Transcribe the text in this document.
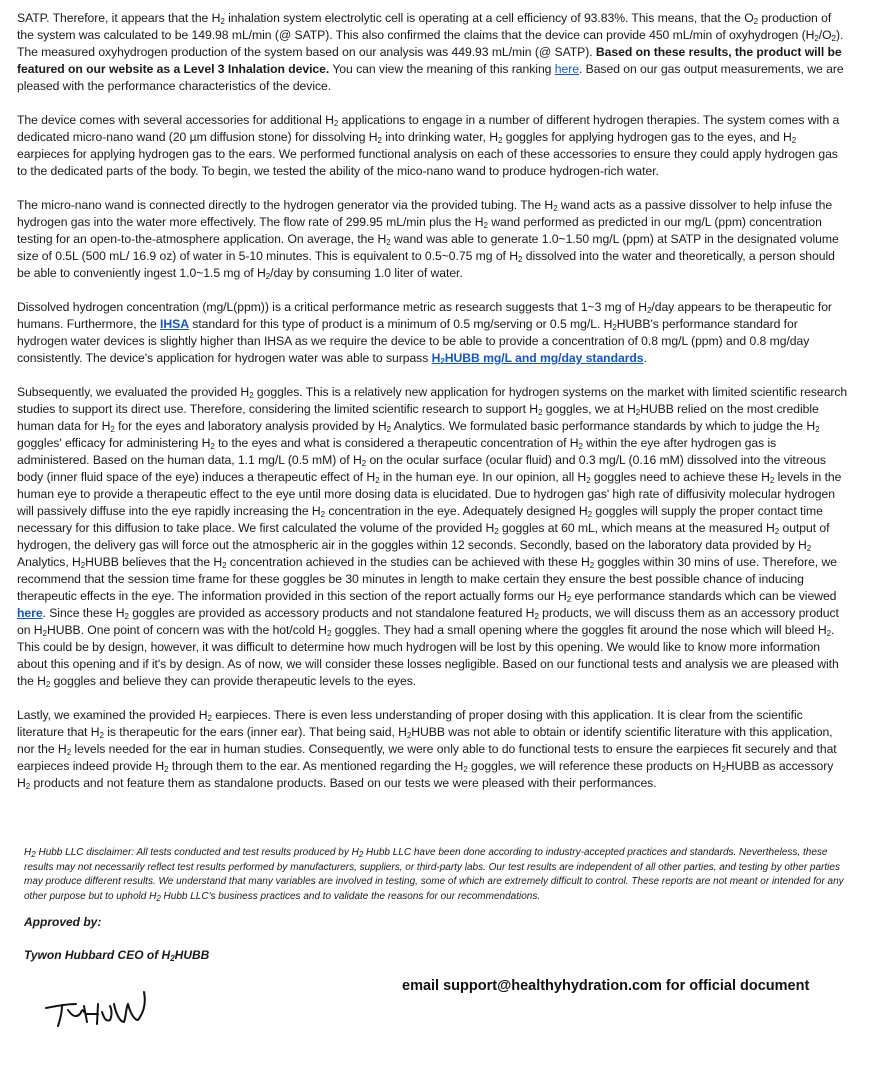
SATP. Therefore, it appears that the $H_2$ inhalation system electrolytic cell is operating at a cell efficiency of 93.83%. This means, that the $O_2$ production of the system was calculated to be 149.98 mL/min (@ SATP). This also confirmed the claims that the device can provide 450 mL/min of oxyhydrogen $(H_2/O_2)$. The measured oxyhydrogen production of the system based on our analysis was 449.93 mL/min (@ SATP). Based on these results, the product will be featured on our website as a Level 3 Inhalation device. You can view the meaning of this ranking here. Based on our gas output measurements, we are pleased with the performance characteristics of the device.

The device comes with several accessories for additional $H_2$ applications to engage in a number of different hydrogen therapies. The system comes with a dedicated micro-nano wand (20 µm diffusion stone) for dissolving $H_2$ into drinking water, $H_2$ goggles for applying hydrogen gas to the eyes, and $H_2$ earpieces for applying hydrogen gas to the ears. We performed functional analysis on each of these accessories to ensure they could apply hydrogen gas to the dedicated parts of the body. To begin, we tested the ability of the mico-nano wand to produce hydrogen-rich water.

The micro-nano wand is connected directly to the hydrogen generator via the provided tubing. The $H_2$ wand acts as a passive dissolver to help infuse the hydrogen gas into the water more effectively. The flow rate of 299.95 mL/min plus the $H_2$ wand performed as predicted in our mg/L (ppm) concentration testing for an open-to-the-atmosphere application. On average, the $H_2$ wand was able to generate 1.0~1.50 mg/L (ppm) at SATP in the designated volume size of 0.5L (500 mL/ 16.9 oz) of water in 5-10 minutes. This is equivalent to 0.5~0.75 mg of $H_2$ dissolved into the water and theoretically, a person should be able to conveniently ingest 1.0~1.5 mg of $H_2$/day by consuming 1.0 liter of water.

Dissolved hydrogen concentration (mg/L(ppm)) is a critical performance metric as research suggests that 1~3 mg of $H_2$/day appears to be therapeutic for humans. Furthermore, the IHSA standard for this type of product is a minimum of 0.5 mg/serving or 0.5 mg/L. $H_2HUBB's$ performance standard for hydrogen water devices is slightly higher than IHSA as we require the device to be able to provide a concentration of 0.8 mg/L (ppm) and 0.8 mg/day consistently. The device's application for hydrogen water was able to surpass $H_2HUBB$ mg/L and mg/day standards.

Subsequently, we evaluated the provided $H_2$ goggles. This is a relatively new application for hydrogen systems on the market with limited scientific research studies to support its direct use. Therefore, considering the limited scientific research to support $H_2$ goggles, we at $H_2HUBB$ relied on the most credible human data for $H_2$ for the eyes and laboratory analysis provided by $H_2$ Analytics. We formulated basic performance standards by which to judge the $H_2$ goggles' efficacy for administering $H_2$ to the eyes and what is considered a therapeutic concentration of $H_2$ within the eye after hydrogen gas is administered. Based on the human data, 1.1 mg/L (0.5 mM) of $H_2$ on the ocular surface (ocular fluid) and 0.3 mg/L (0.16 mM) dissolved into the vitreous body (inner fluid space of the eye) induces a therapeutic effect of $H_2$ in the human eye. In our opinion, all $H_2$ goggles need to achieve these $H_2$ levels in the human eye to provide a therapeutic effect to the eye until more dosing data is elucidated. Due to hydrogen gas' high rate of diffusivity molecular hydrogen will passively diffuse into the eye rapidly increasing the $H_2$ concentration in the eye. Adequately designed $H_2$ goggles will supply the proper contact time necessary for this diffusion to take place. We first calculated the volume of the provided $H_2$ goggles at 60 mL, which means at the measured $H_2$ output of hydrogen, the delivery gas will force out the atmospheric air in the goggles within 12 seconds. Secondly, based on the laboratory data provided by $H_2$ Analytics, $H_2HUBB$ believes that the $H_2$ concentration achieved in the studies can be achieved with these $H_2$ goggles within 30 mins of use. Therefore, we recommend that the session time frame for these goggles be 30 minutes in length to make certain they ensure the best possible chance of inducing therapeutic effects in the eye. The information provided in this section of the report actually forms our $H_2$ eye performance standards which can be viewed here. Since these $H_2$ goggles are provided as accessory products and not standalone featured $H_2$ products, we will discuss them as an accessory product on $H_2HUBB$. One point of concern was with the hot/cold $H_2$ goggles. They had a small opening where the goggles fit around the nose which will bleed $H_2$. This could be by design, however, it was difficult to determine how much hydrogen will be lost by this opening. We would like to know more information about this opening and if it's by design. As of now, we will consider these losses negligible. Based on our functional tests and analysis we are pleased with the $H_2$ goggles and believe they can provide therapeutic levels to the eyes.

Lastly, we examined the provided $H_2$ earpieces. There is even less understanding of proper dosing with this application. It is clear from the scientific literature that $H_2$ is therapeutic for the ears (inner ear). That being said, $H_2HUBB$ was not able to obtain or identify scientific literature with this application, nor the $H_2$ levels needed for the ear in human studies. Consequently, we were only able to do functional tests to ensure the earpieces fit securely and that earpieces indeed provide $H_2$ through them to the ear. As mentioned regarding the $H_2$ goggles, we will reference these products on $H_2HUBB$ as accessory $H_2$ products and not feature them as standalone products. Based on our tests we were pleased with their performances.

$H_2$ Hubb LLC disclaimer: All tests conducted and test results produced by $H_2$ Hubb LLC have been done according to industry-accepted practices and standards. Nevertheless, these results may not necessarily reflect test results performed by manufacturers, suppliers, or third-party labs. Our test results are independent of all other parties, and testing by other parties may produce different results. We understand that many variables are involved in testing, some of which are extremely difficult to control. These reports are not meant or intended for any other purpose but to uphold $H_2$ Hubb LLC's business practices and to validate the reasons for our recommendations.
Approved by:
Tywon Hubbard CEO of $H_2HUBB$
email support@healthyhydration.com for official document
